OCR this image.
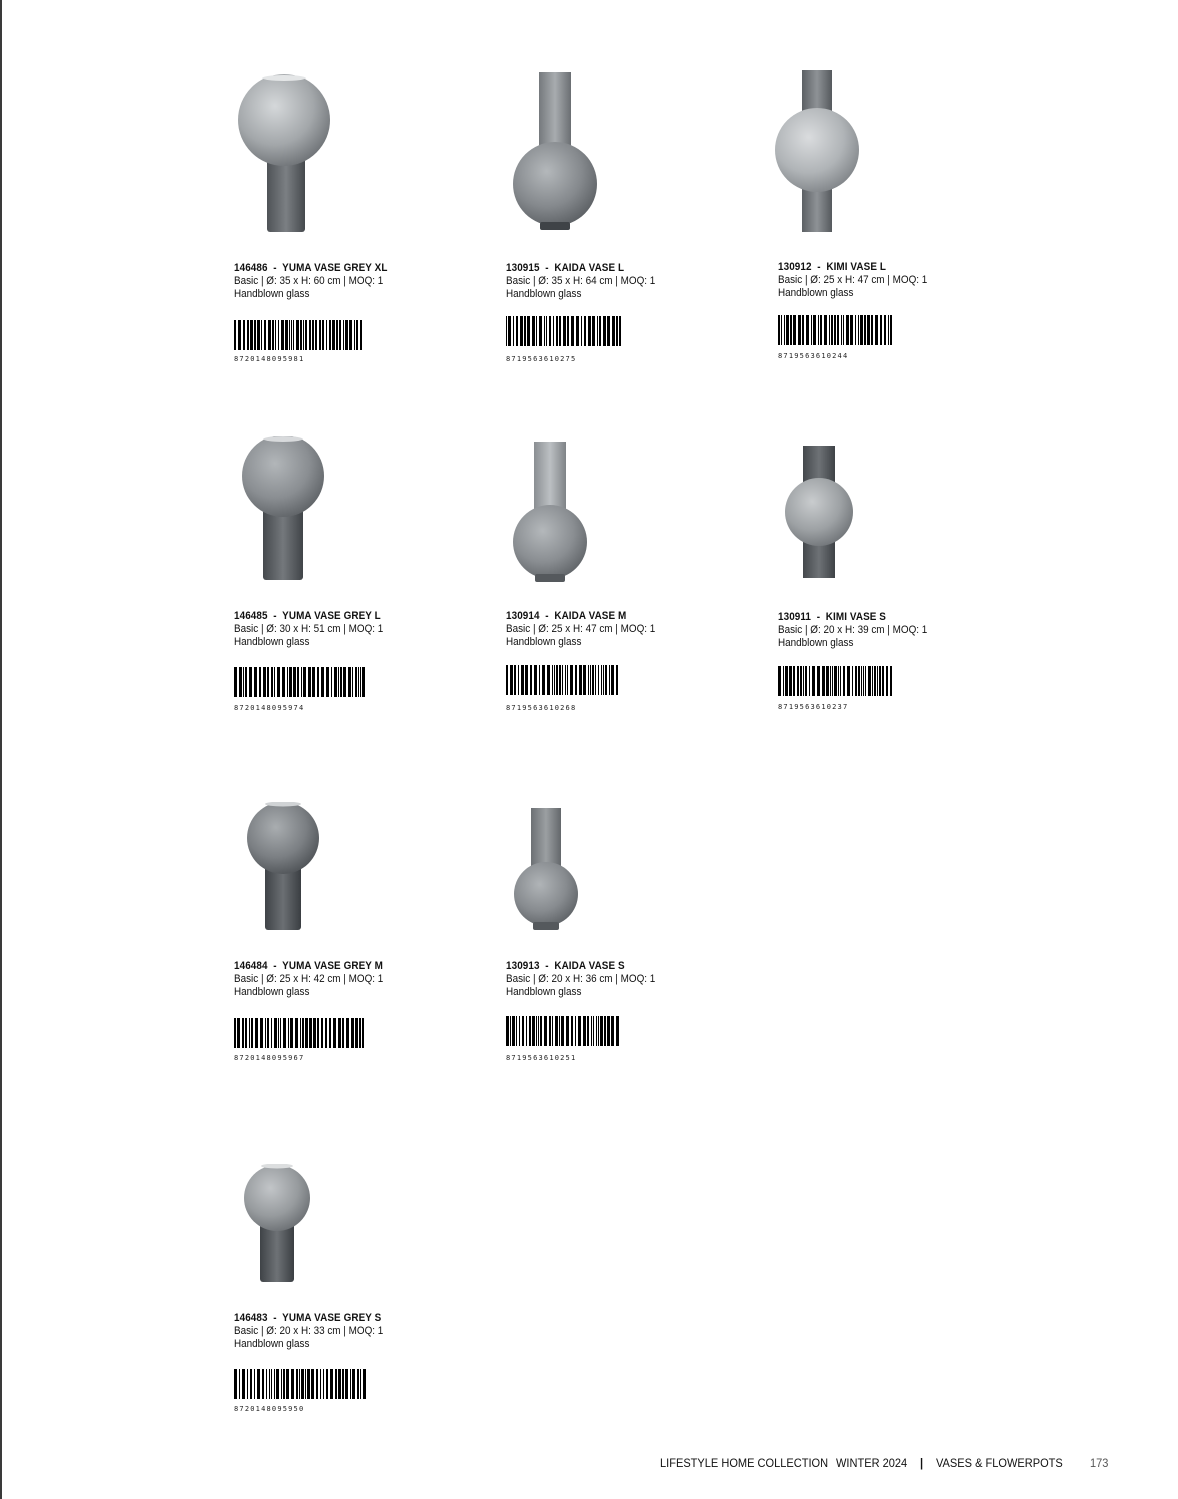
146486  -  YUMA VASE GREY XL
Basic | Ø: 35 x H: 60 cm | MOQ: 1
Handblown glass
8720148095981
130915  -  KAIDA VASE L
Basic | Ø: 35 x H: 64 cm | MOQ: 1
Handblown glass
8719563610275
130912  -  KIMI VASE L
Basic | Ø: 25 x H: 47 cm | MOQ: 1
Handblown glass
8719563610244
146485  -  YUMA VASE GREY L
Basic | Ø: 30 x H: 51 cm | MOQ: 1
Handblown glass
8720148095974
130914  -  KAIDA VASE M
Basic | Ø: 25 x H: 47 cm | MOQ: 1
Handblown glass
8719563610268
130911  -  KIMI VASE S
Basic | Ø: 20 x H: 39 cm | MOQ: 1
Handblown glass
8719563610237
146484  -  YUMA VASE GREY M
Basic | Ø: 25 x H: 42 cm | MOQ: 1
Handblown glass
8720148095967
130913  -  KAIDA VASE S
Basic | Ø: 20 x H: 36 cm | MOQ: 1
Handblown glass
8719563610251
146483  -  YUMA VASE GREY S
Basic | Ø: 20 x H: 33 cm | MOQ: 1
Handblown glass
8720148095950
LIFESTYLE HOME COLLECTION WINTER 2024 | VASES & FLOWERPOTS 173
